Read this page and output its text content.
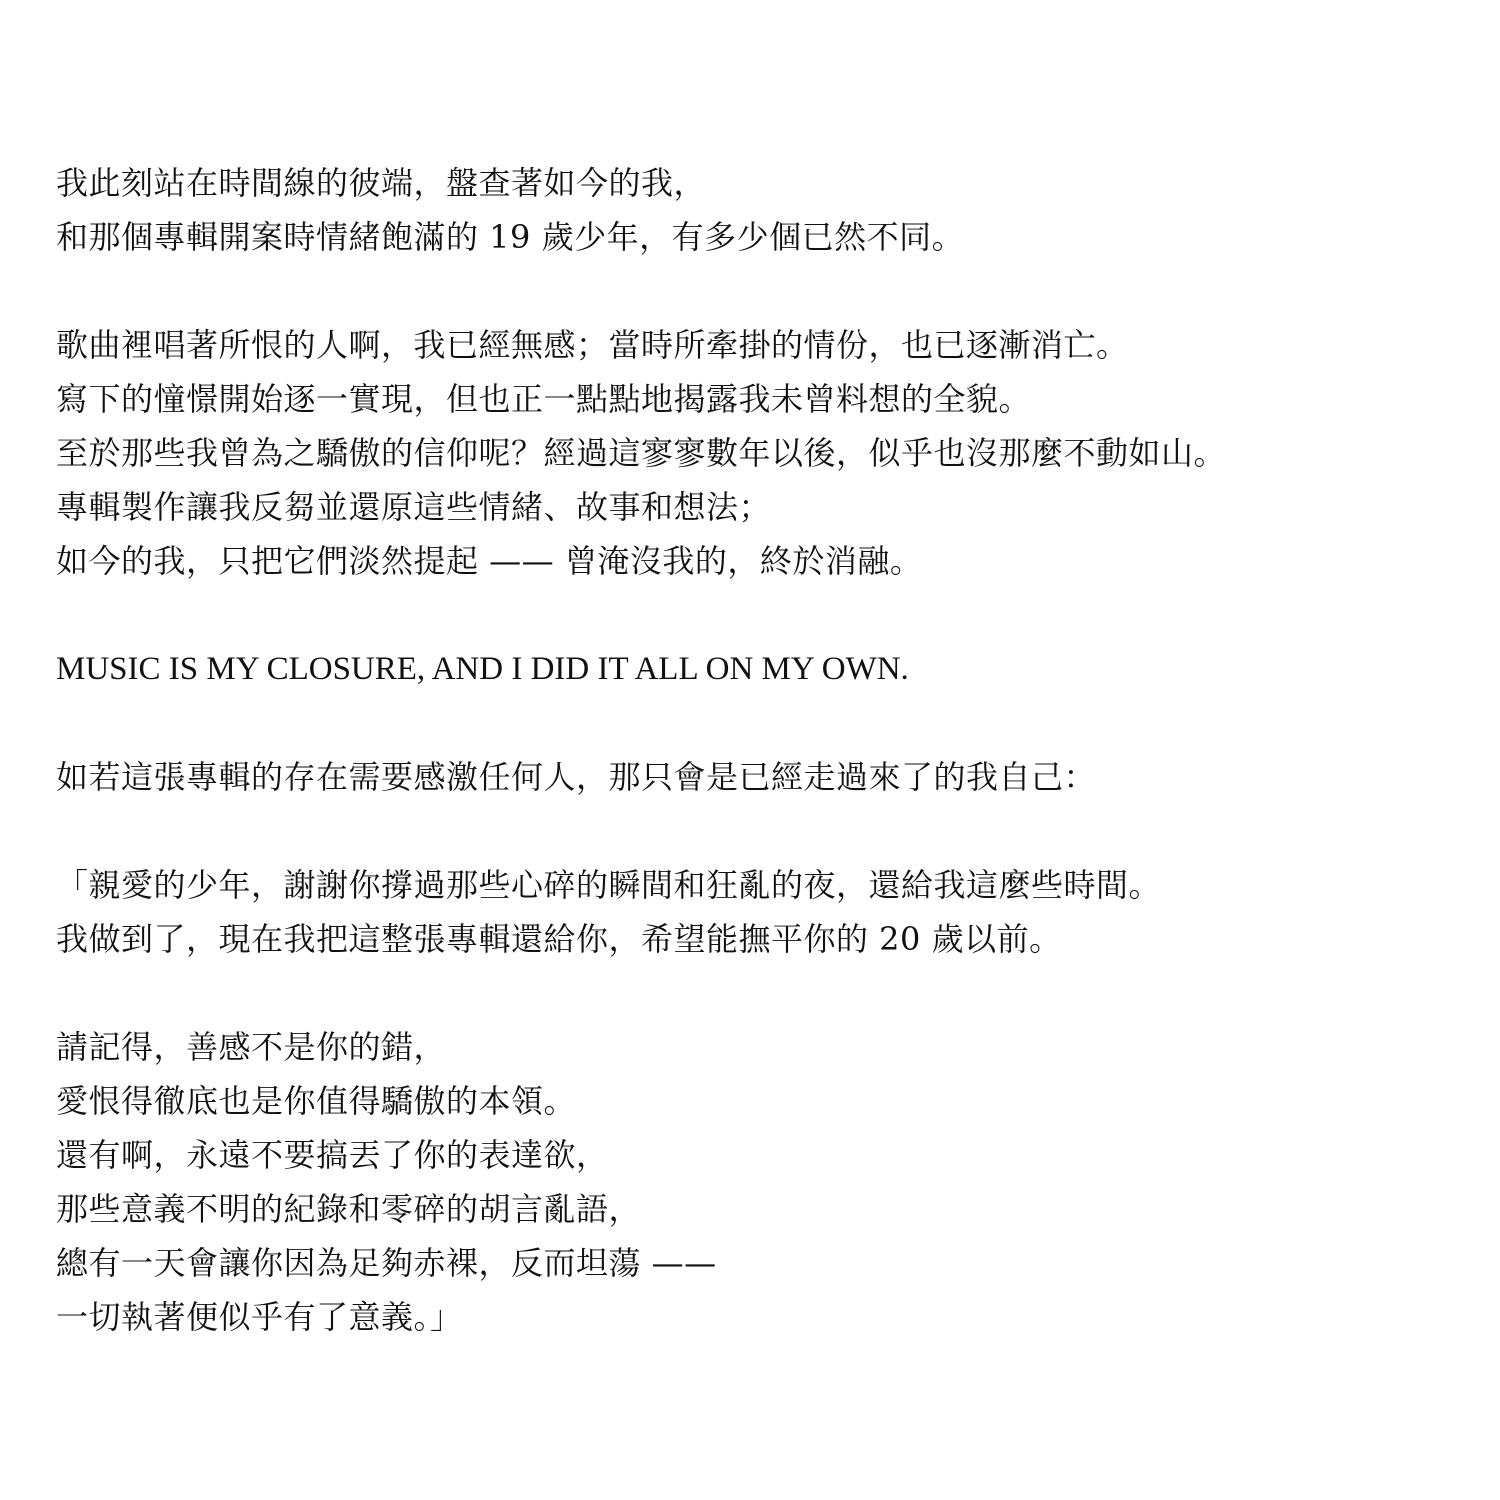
我此刻站在時間線的彼端，盤查著如今的我，
和那個專輯開案時情緒飽滿的 19 歲少年，有多少個已然不同。
歌曲裡唱著所恨的人啊，我已經無感；當時所牽掛的情份，也已逐漸消亡。
寫下的憧憬開始逐一實現，但也正一點點地揭露我未曾料想的全貌。
至於那些我曾為之驕傲的信仰呢？經過這寥寥數年以後，似乎也沒那麼不動如山。
專輯製作讓我反芻並還原這些情緒、故事和想法；
如今的我，只把它們淡然提起 —— 曾淹沒我的，終於消融。
MUSIC IS MY CLOSURE, AND I DID IT ALL ON MY OWN.
如若這張專輯的存在需要感激任何人，那只會是已經走過來了的我自己：
「親愛的少年，謝謝你撐過那些心碎的瞬間和狂亂的夜，還給我這麼些時間。
我做到了，現在我把這整張專輯還給你，希望能撫平你的 20 歲以前。
請記得，善感不是你的錯，
愛恨得徹底也是你值得驕傲的本領。
還有啊，永遠不要搞丟了你的表達欲，
那些意義不明的紀錄和零碎的胡言亂語，
總有一天會讓你因為足夠赤裸，反而坦蕩 ——
一切執著便似乎有了意義。」
